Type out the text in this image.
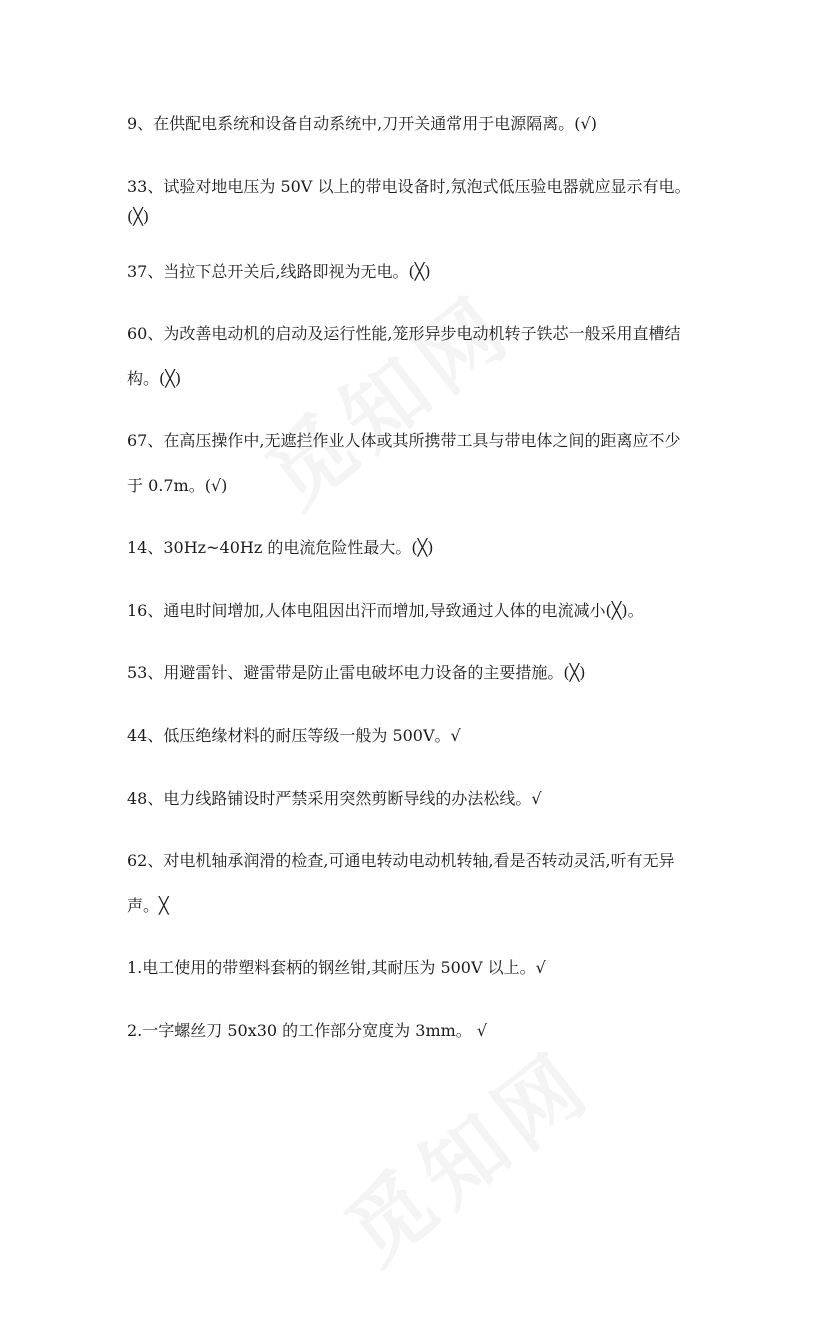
9、在供配电系统和设备自动系统中,刀开关通常用于电源隔离。(√)
33、试验对地电压为 50V 以上的带电设备时,氖泡式低压验电器就应显示有电。
(╳)
37、当拉下总开关后,线路即视为无电。(╳)
60、为改善电动机的启动及运行性能,笼形异步电动机转子铁芯一般采用直槽结
构。(╳)
67、在高压操作中,无遮拦作业人体或其所携带工具与带电体之间的距离应不少
于 0.7m。(√)
14、30Hz~40Hz 的电流危险性最大。(╳)
16、通电时间增加,人体电阻因出汗而增加,导致通过人体的电流减小(╳)。
53、用避雷针、避雷带是防止雷电破坏电力设备的主要措施。(╳)
44、低压绝缘材料的耐压等级一般为 500V。√
48、电力线路铺设时严禁采用突然剪断导线的办法松线。√
62、对电机轴承润滑的检查,可通电转动电动机转轴,看是否转动灵活,听有无异
声。╳
1.电工使用的带塑料套柄的钢丝钳,其耐压为 500V 以上。√
2.一字螺丝刀 50x30 的工作部分宽度为 3mm。 √
